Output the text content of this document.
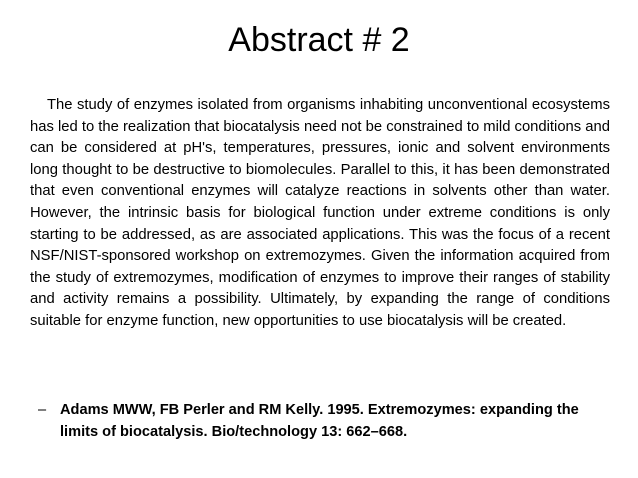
Abstract # 2

The study of enzymes isolated from organisms inhabiting unconventional ecosystems has led to the realization that biocatalysis need not be constrained to mild conditions and can be considered at pH's, temperatures, pressures, ionic and solvent environments long thought to be destructive to biomolecules. Parallel to this, it has been demonstrated that even conventional enzymes will catalyze reactions in solvents other than water. However, the intrinsic basis for biological function under extreme conditions is only starting to be addressed, as are associated applications. This was the focus of a recent NSF/NIST-sponsored workshop on extremozymes. Given the information acquired from the study of extremozymes, modification of enzymes to improve their ranges of stability and activity remains a possibility. Ultimately, by expanding the range of conditions suitable for enzyme function, new opportunities to use biocatalysis will be created.

– Adams MWW, FB Perler and RM Kelly. 1995. Extremozymes: expanding the limits of biocatalysis. Bio/technology 13: 662–668.
